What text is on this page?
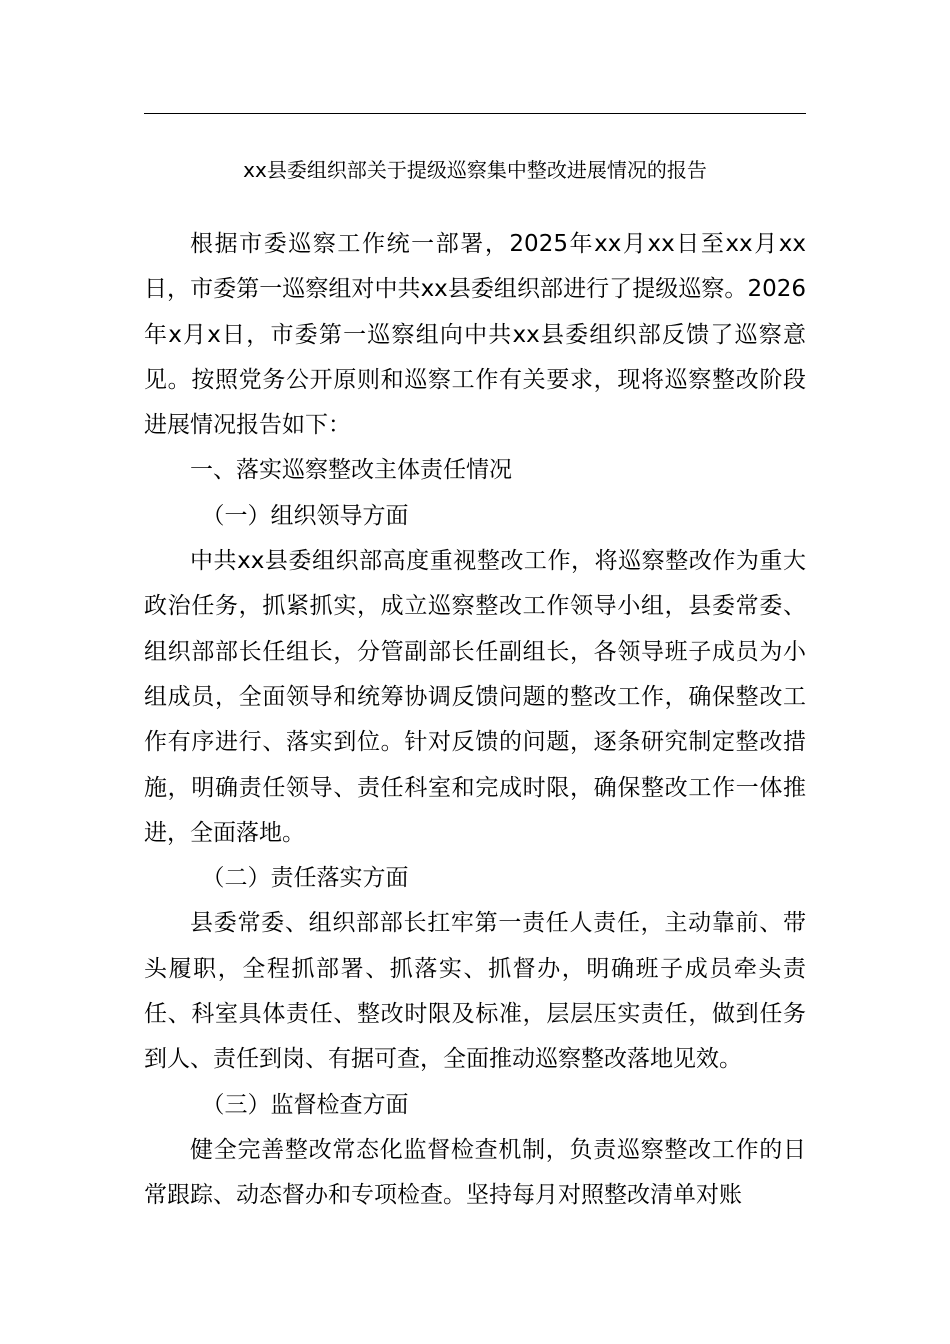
xx县委组织部关于提级巡察集中整改进展情况的报告

根据市委巡察工作统一部署，2025年xx月xx日至xx月xx日，市委第一巡察组对中共xx县委组织部进行了提级巡察。2026年x月x日，市委第一巡察组向中共xx县委组织部反馈了巡察意见。按照党务公开原则和巡察工作有关要求，现将巡察整改阶段进展情况报告如下：

一、落实巡察整改主体责任情况

（一）组织领导方面

中共xx县委组织部高度重视整改工作，将巡察整改作为重大政治任务，抓紧抓实，成立巡察整改工作领导小组，县委常委、组织部部长任组长，分管副部长任副组长，各领导班子成员为小组成员，全面领导和统筹协调反馈问题的整改工作，确保整改工作有序进行、落实到位。针对反馈的问题，逐条研究制定整改措施，明确责任领导、责任科室和完成时限，确保整改工作一体推进，全面落地。

（二）责任落实方面

县委常委、组织部部长扛牢第一责任人责任，主动靠前、带头履职，全程抓部署、抓落实、抓督办，明确班子成员牵头责任、科室具体责任、整改时限及标准，层层压实责任，做到任务到人、责任到岗、有据可查，全面推动巡察整改落地见效。

（三）监督检查方面

健全完善整改常态化监督检查机制，负责巡察整改工作的日常跟踪、动态督办和专项检查。坚持每月对照整改清单对账
